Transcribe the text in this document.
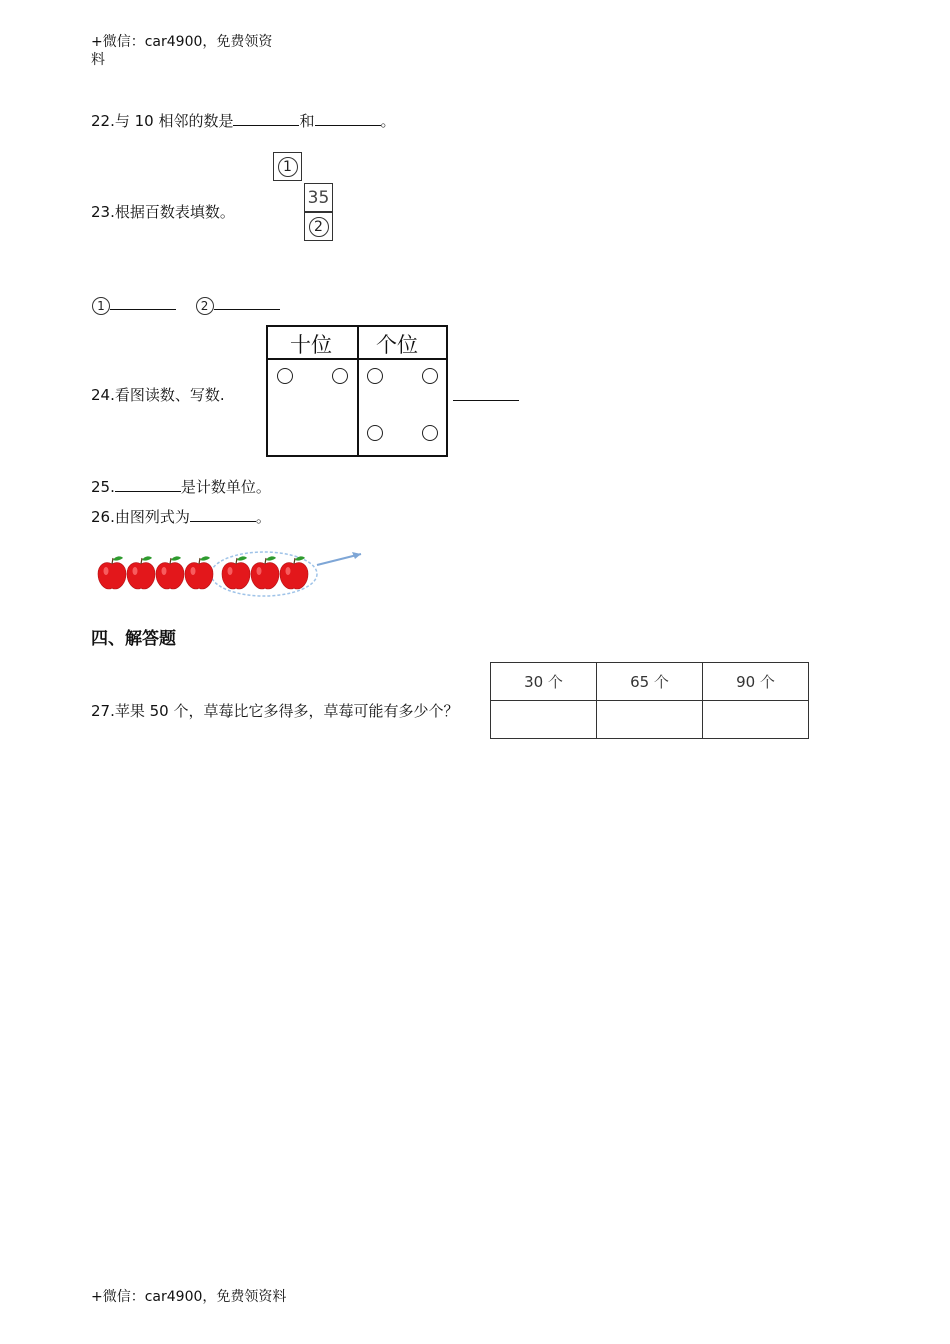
+微信：car4900，免费领资料
22.与 10 相邻的数是	和	。
23.根据百数表填数。
1
35
2
1	2
24.看图读数、写数.
十位 个位
25.	是计数单位。
26.由图列式为	。
四、解答题
27.苹果 50 个，草莓比它多得多，草莓可能有多少个？
30 个	65 个	90 个

+微信：car4900，免费领资料
